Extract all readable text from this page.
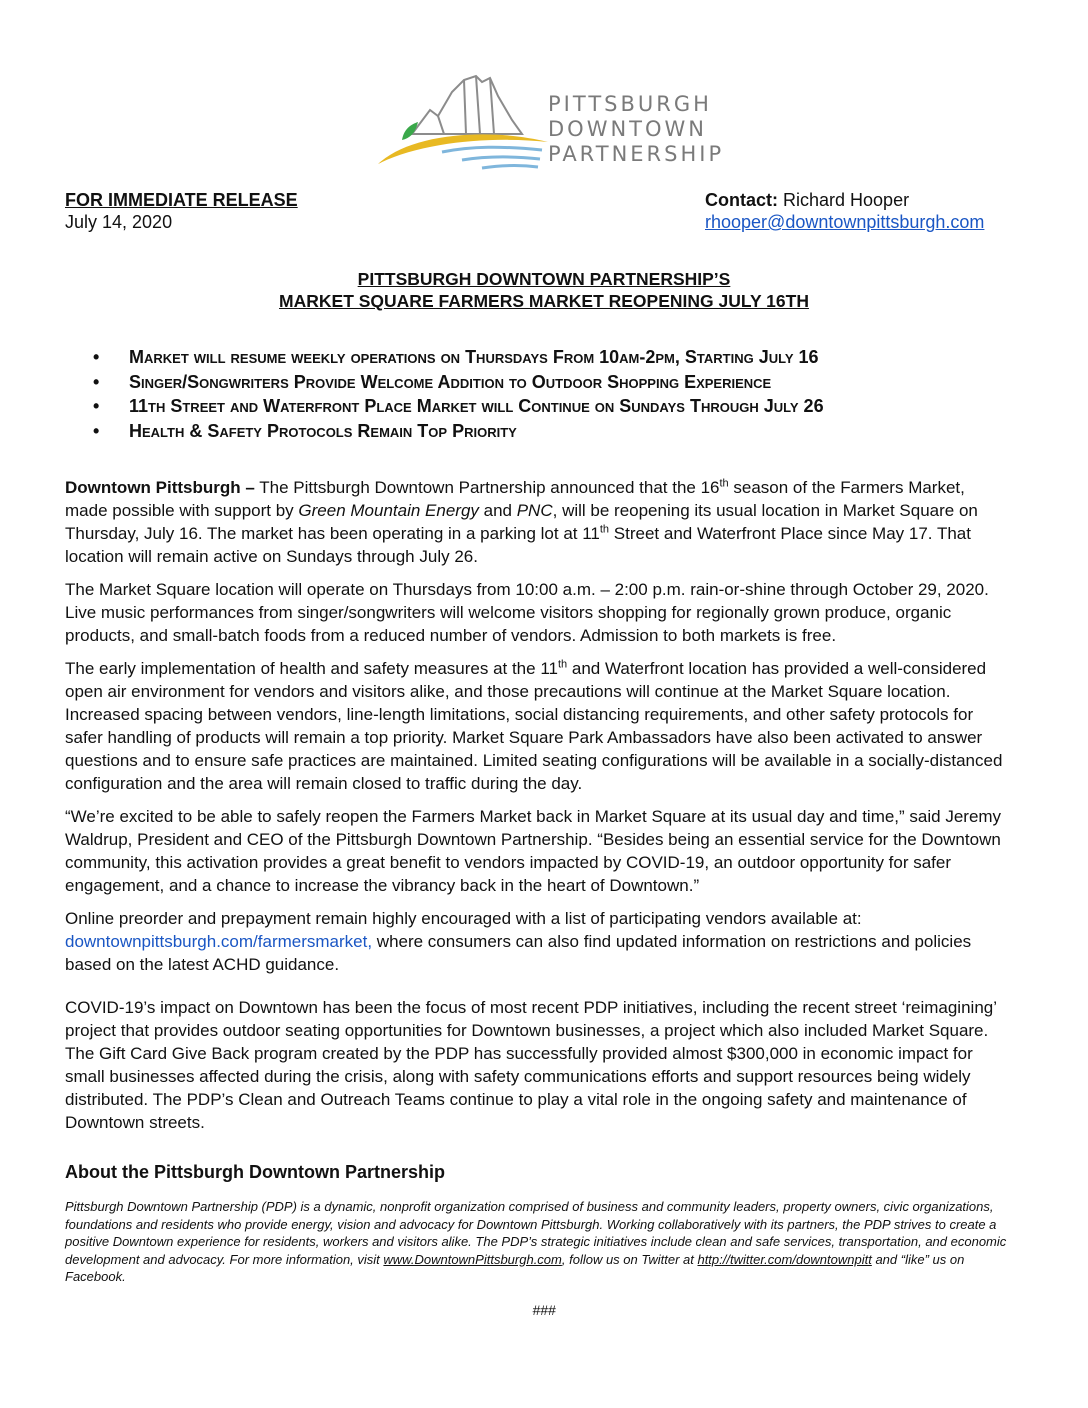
PITTSBURGH
DOWNTOWN
PARTNERSHIP
FOR IMMEDIATE RELEASE
July 14, 2020
Contact: Richard Hooper
rhooper@downtownpittsburgh.com
PITTSBURGH DOWNTOWN PARTNERSHIP’S
MARKET SQUARE FARMERS MARKET REOPENING JULY 16TH
• Market will resume weekly operations on Thursdays From 10am-2pm, Starting July 16
• Singer/Songwriters Provide Welcome Addition to Outdoor Shopping Experience
• 11th Street and Waterfront Place Market will Continue on Sundays Through July 26
• Health & Safety Protocols Remain Top Priority

Downtown Pittsburgh – The Pittsburgh Downtown Partnership announced that the 16th season of the Farmers Market, made possible with support by Green Mountain Energy and PNC, will be reopening its usual location in Market Square on Thursday, July 16. The market has been operating in a parking lot at 11th Street and Waterfront Place since May 17. That location will remain active on Sundays through July 26.

The Market Square location will operate on Thursdays from 10:00 a.m. – 2:00 p.m. rain-or-shine through October 29, 2020. Live music performances from singer/songwriters will welcome visitors shopping for regionally grown produce, organic products, and small-batch foods from a reduced number of vendors. Admission to both markets is free.

The early implementation of health and safety measures at the 11th and Waterfront location has provided a well-considered open air environment for vendors and visitors alike, and those precautions will continue at the Market Square location. Increased spacing between vendors, line-length limitations, social distancing requirements, and other safety protocols for safer handling of products will remain a top priority. Market Square Park Ambassadors have also been activated to answer questions and to ensure safe practices are maintained. Limited seating configurations will be available in a socially-distanced configuration and the area will remain closed to traffic during the day.

“We’re excited to be able to safely reopen the Farmers Market back in Market Square at its usual day and time,” said Jeremy Waldrup, President and CEO of the Pittsburgh Downtown Partnership. “Besides being an essential service for the Downtown community, this activation provides a great benefit to vendors impacted by COVID-19, an outdoor opportunity for safer engagement, and a chance to increase the vibrancy back in the heart of Downtown.”

Online preorder and prepayment remain highly encouraged with a list of participating vendors available at: downtownpittsburgh.com/farmersmarket, where consumers can also find updated information on restrictions and policies based on the latest ACHD guidance.

COVID-19’s impact on Downtown has been the focus of most recent PDP initiatives, including the recent street ‘reimagining’ project that provides outdoor seating opportunities for Downtown businesses, a project which also included Market Square. The Gift Card Give Back program created by the PDP has successfully provided almost $300,000 in economic impact for small businesses affected during the crisis, along with safety communications efforts and support resources being widely distributed. The PDP’s Clean and Outreach Teams continue to play a vital role in the ongoing safety and maintenance of Downtown streets.

About the Pittsburgh Downtown Partnership
Pittsburgh Downtown Partnership (PDP) is a dynamic, nonprofit organization comprised of business and community leaders, property owners, civic organizations, foundations and residents who provide energy, vision and advocacy for Downtown Pittsburgh. Working collaboratively with its partners, the PDP strives to create a positive Downtown experience for residents, workers and visitors alike. The PDP’s strategic initiatives include clean and safe services, transportation, and economic development and advocacy. For more information, visit www.DowntownPittsburgh.com, follow us on Twitter at http://twitter.com/downtownpitt and “like” us on Facebook.
###
